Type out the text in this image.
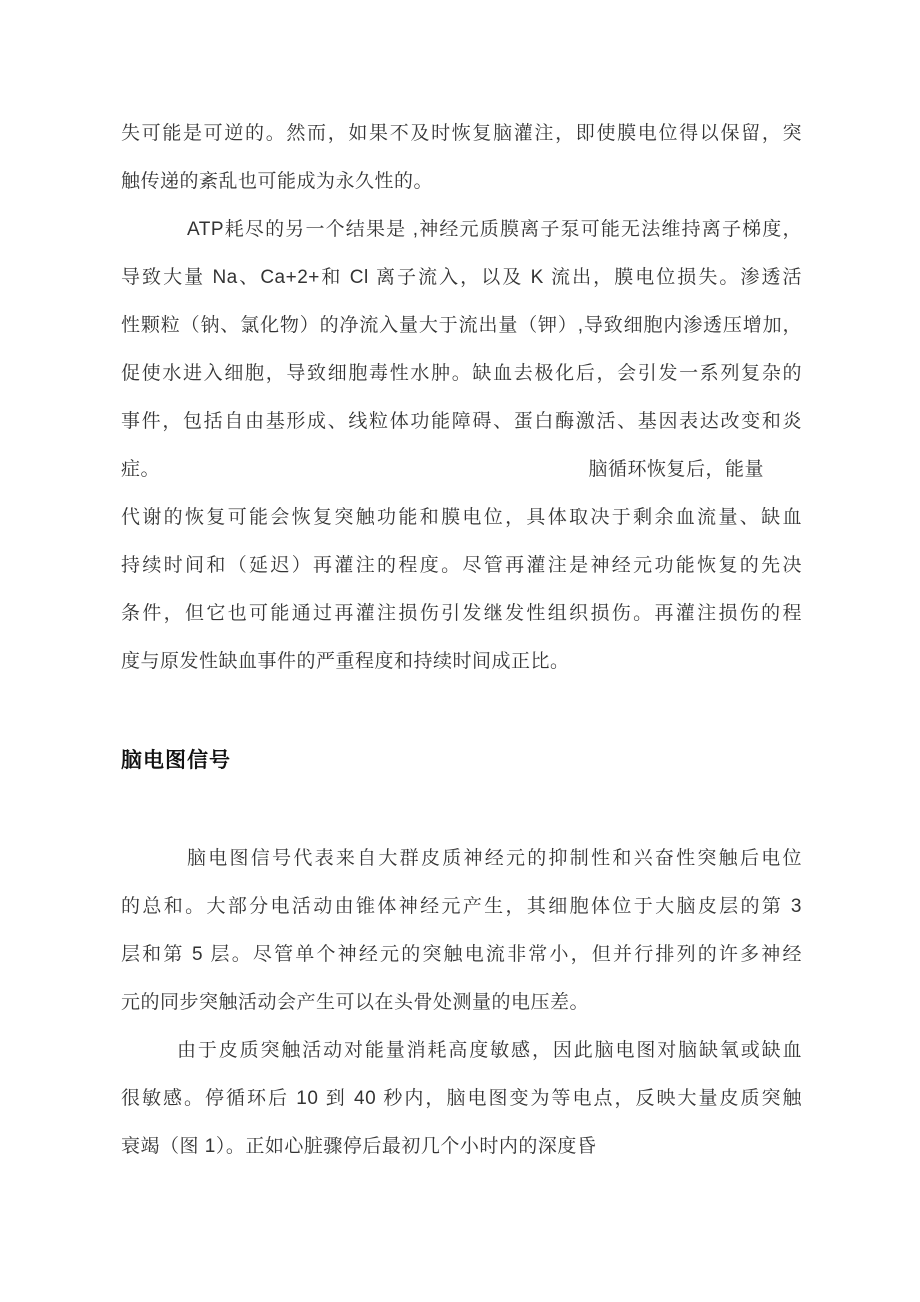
失可能是可逆的。然而，如果不及时恢复脑灌注，即使膜电位得以保留，突
触传递的紊乱也可能成为永久性的。
ATP耗尽的另一个结果是 ,神经元质膜离子泵可能无法维持离子梯度，
导致大量 Na、Ca+2+和 Cl 离子流入，以及 K 流出，膜电位损失。渗透活
性颗粒（钠、氯化物）的净流入量大于流出量（钾）,导致细胞内渗透压增加，
促使水进入细胞，导致细胞毒性水肿。缺血去极化后，会引发一系列复杂的
事件，包括自由基形成、线粒体功能障碍、蛋白酶激活、基因表达改变和炎
症。	脑循环恢复后，能量
代谢的恢复可能会恢复突触功能和膜电位，具体取决于剩余血流量、缺血
持续时间和（延迟）再灌注的程度。尽管再灌注是神经元功能恢复的先决
条件，但它也可能通过再灌注损伤引发继发性组织损伤。再灌注损伤的程
度与原发性缺血事件的严重程度和持续时间成正比。
脑电图信号
脑电图信号代表来自大群皮质神经元的抑制性和兴奋性突触后电位
的总和。大部分电活动由锥体神经元产生，其细胞体位于大脑皮层的第 3
层和第 5 层。尽管单个神经元的突触电流非常小，但并行排列的许多神经
元的同步突触活动会产生可以在头骨处测量的电压差。
由于皮质突触活动对能量消耗高度敏感，因此脑电图对脑缺氧或缺血
很敏感。停循环后 10 到 40 秒内，脑电图变为等电点，反映大量皮质突触
衰竭（图 1）。正如心脏骤停后最初几个小时内的深度昏
